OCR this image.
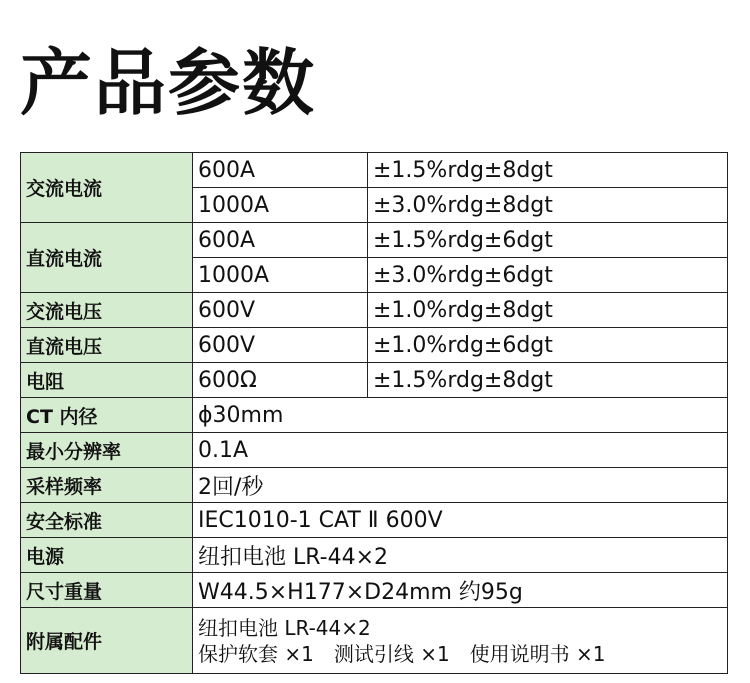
产品参数
交流电流	600A	±1.5%rdg±8dgt
	1000A	±3.0%rdg±8dgt
直流电流	600A	±1.5%rdg±6dgt
	1000A	±3.0%rdg±6dgt
交流电压	600V	±1.0%rdg±8dgt
直流电压	600V	±1.0%rdg±6dgt
电阻	600Ω	±1.5%rdg±8dgt
CT 内径	ϕ30mm	
最小分辨率	0.1A	
采样频率	2回/秒	
安全标准	IEC1010-1 CAT Ⅱ 600V	
电源	纽扣电池 LR-44×2	
尺寸重量	W44.5×H177×D24mm 约95g	
附属配件	纽扣电池 LR-44×2
保护软套 ×1　测试引线 ×1　使用说明书 ×1	
